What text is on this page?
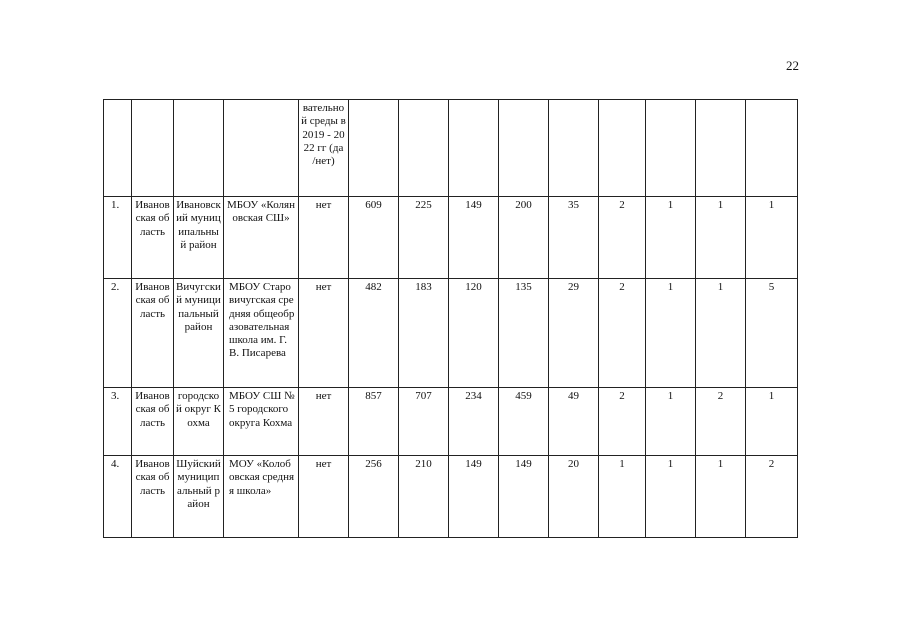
22
				вательной среды в 2019 - 2022 гг (да /нет)									
1.	Ивановская область	Ивановский муниципальный район	МБОУ «Коляновская СШ»	нет	609	225	149	200	35	2	1	1	1
2.	Ивановская область	Вичугский муниципальный район	МБОУ Старовичугская средняя общеобразовательная школа им. Г.В. Писарева	нет	482	183	120	135	29	2	1	1	5
3.	Ивановская область	городской округ Кохма	МБОУ СШ № 5 городского округа Кохма	нет	857	707	234	459	49	2	1	2	1
4.	Ивановская область	Шуйский муниципальный район	МОУ «Колобовская средняя школа»	нет	256	210	149	149	20	1	1	1	2
